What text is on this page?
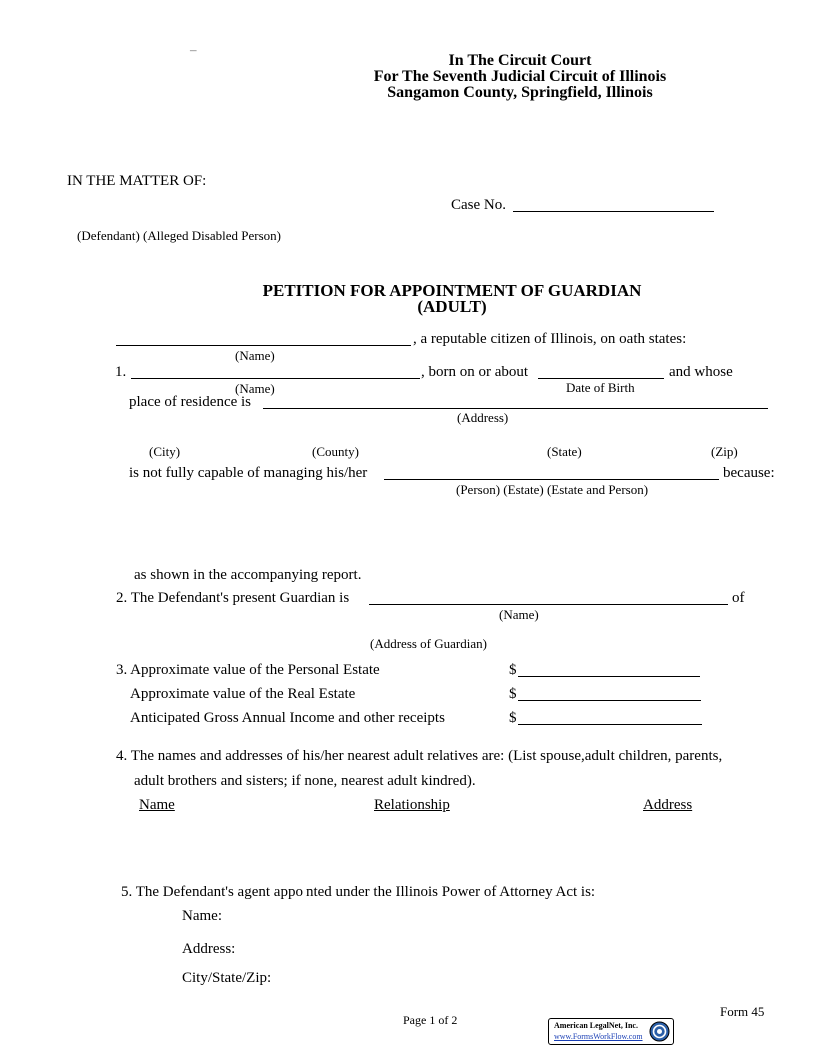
–
In The Circuit Court
For The Seventh Judicial Circuit of Illinois
Sangamon County, Springfield, Illinois
IN THE MATTER OF:
Case No.
(Defendant) (Alleged Disabled Person)
PETITION FOR APPOINTMENT OF GUARDIAN
(ADULT)
, a reputable citizen of Illinois, on oath states:
(Name)
1.	, born on or about	and whose
(Name)	Date of Birth
place of residence is
(Address)
(City)	(County)	(State)	(Zip)
is not fully capable of managing his/her	because:
(Person) (Estate) (Estate and Person)
as shown in the accompanying report.
2. The Defendant's present Guardian is	of
(Name)
(Address of Guardian)
3. Approximate value of the Personal Estate	$
Approximate value of the Real Estate	$
Anticipated Gross Annual Income and other receipts	$
4. The names and addresses of his/her nearest adult relatives are: (List spouse,adult children, parents,
adult brothers and sisters; if none, nearest adult kindred).
Name	Relationship	Address
5. The Defendant's agent appo nted under the Illinois Power of Attorney Act is:
Name:
Address:
City/State/Zip:
Page 1 of 2
Form 45
American LegalNet, Inc.
www.FormsWorkFlow.com
